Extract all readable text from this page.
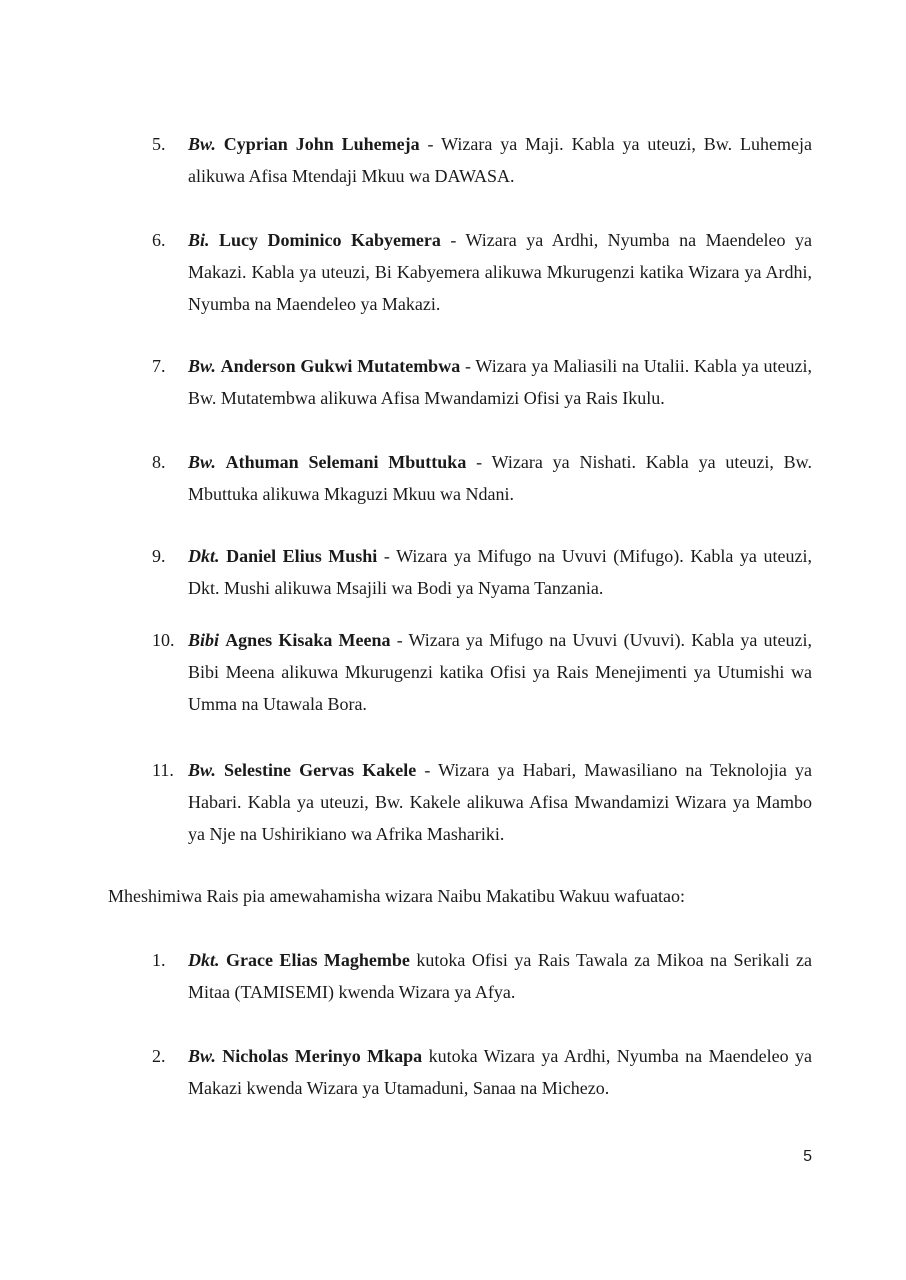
5.	Bw. Cyprian John Luhemeja - Wizara ya Maji. Kabla ya uteuzi, Bw. Luhemeja alikuwa Afisa Mtendaji Mkuu wa DAWASA.
6.	Bi. Lucy Dominico Kabyemera - Wizara ya Ardhi, Nyumba na Maendeleo ya Makazi. Kabla ya uteuzi, Bi Kabyemera alikuwa Mkurugenzi katika Wizara ya Ardhi, Nyumba na Maendeleo ya Makazi.
7.	Bw. Anderson Gukwi Mutatembwa - Wizara ya Maliasili na Utalii. Kabla ya uteuzi, Bw. Mutatembwa alikuwa Afisa Mwandamizi Ofisi ya Rais Ikulu.
8.	Bw. Athuman Selemani Mbuttuka - Wizara ya Nishati. Kabla ya uteuzi, Bw. Mbuttuka alikuwa Mkaguzi Mkuu wa Ndani.
9.	Dkt. Daniel Elius Mushi - Wizara ya Mifugo na Uvuvi (Mifugo). Kabla ya uteuzi, Dkt. Mushi alikuwa Msajili wa Bodi ya Nyama Tanzania.
10. Bibi Agnes Kisaka Meena - Wizara ya Mifugo na Uvuvi (Uvuvi). Kabla ya uteuzi, Bibi Meena alikuwa Mkurugenzi katika Ofisi ya Rais Menejimenti ya Utumishi wa Umma na Utawala Bora.
11. Bw. Selestine Gervas Kakele - Wizara ya Habari, Mawasiliano na Teknolojia ya Habari. Kabla ya uteuzi, Bw. Kakele alikuwa Afisa Mwandamizi Wizara ya Mambo ya Nje na Ushirikiano wa Afrika Mashariki.
Mheshimiwa Rais pia amewahamisha wizara Naibu Makatibu Wakuu wafuatao:
1.	Dkt. Grace Elias Maghembe kutoka Ofisi ya Rais Tawala za Mikoa na Serikali za Mitaa (TAMISEMI) kwenda Wizara ya Afya.
2.	Bw. Nicholas Merinyo Mkapa kutoka Wizara ya Ardhi, Nyumba na Maendeleo ya Makazi kwenda Wizara ya Utamaduni, Sanaa na Michezo.
5
